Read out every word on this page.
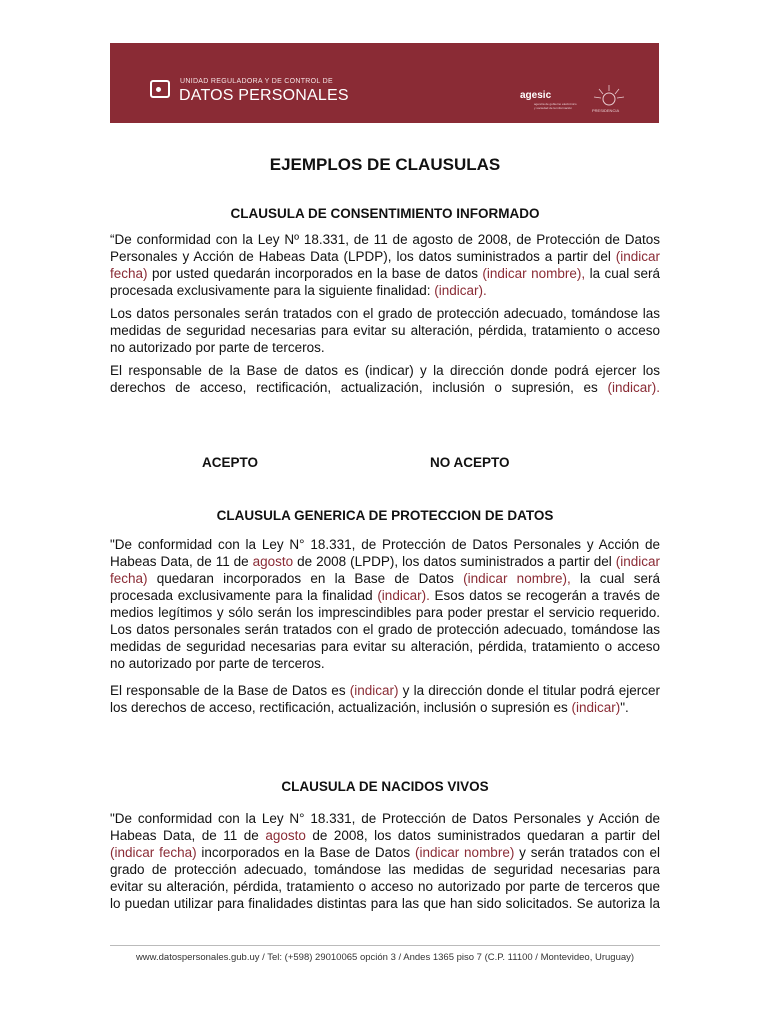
UNIDAD REGULADORA Y DE CONTROL DE
DATOS PERSONALES	agesic
agencia de gobierno electrónico y sociedad de la información	PRESIDENCIA
EJEMPLOS DE CLAUSULAS
CLAUSULA DE CONSENTIMIENTO INFORMADO

“De conformidad con la Ley Nº 18.331, de 11 de agosto de 2008, de Protección de Datos Personales y Acción de Habeas Data (LPDP), los datos suministrados a partir del (indicar fecha) por usted quedarán incorporados en la base de datos (indicar nombre), la cual será procesada exclusivamente para la siguiente finalidad: (indicar).

Los datos personales serán tratados con el grado de protección adecuado, tomándose las medidas de seguridad necesarias para evitar su alteración, pérdida, tratamiento o acceso no autorizado por parte de terceros.

El responsable de la Base de datos es (indicar) y la dirección donde podrá ejercer los derechos de acceso, rectificación, actualización, inclusión o supresión, es (indicar).

ACEPTO	NO ACEPTO
CLAUSULA GENERICA DE PROTECCION DE DATOS

"De conformidad con la Ley N° 18.331, de Protección de Datos Personales y Acción de Habeas Data, de 11 de agosto de 2008 (LPDP), los datos suministrados a partir del (indicar fecha) quedaran incorporados en la Base de Datos (indicar nombre), la cual será procesada exclusivamente para la finalidad (indicar). Esos datos se recogerán a través de medios legítimos y sólo serán los imprescindibles para poder prestar el servicio requerido. Los datos personales serán tratados con el grado de protección adecuado, tomándose las medidas de seguridad necesarias para evitar su alteración, pérdida, tratamiento o acceso no autorizado por parte de terceros.

El responsable de la Base de Datos es (indicar) y la dirección donde el titular podrá ejercer los derechos de acceso, rectificación, actualización, inclusión o supresión es (indicar)".

CLAUSULA DE NACIDOS VIVOS

"De conformidad con la Ley N° 18.331, de Protección de Datos Personales y Acción de Habeas Data, de 11 de agosto de 2008, los datos suministrados quedaran a partir del (indicar fecha) incorporados en la Base de Datos (indicar nombre) y serán tratados con el grado de protección adecuado, tomándose las medidas de seguridad necesarias para evitar su alteración, pérdida, tratamiento o acceso no autorizado por parte de terceros que lo puedan utilizar para finalidades distintas para las que han sido solicitados. Se autoriza la

www.datospersonales.gub.uy / Tel: (+598) 29010065 opción 3 / Andes 1365 piso 7 (C.P. 11100 / Montevideo, Uruguay)
